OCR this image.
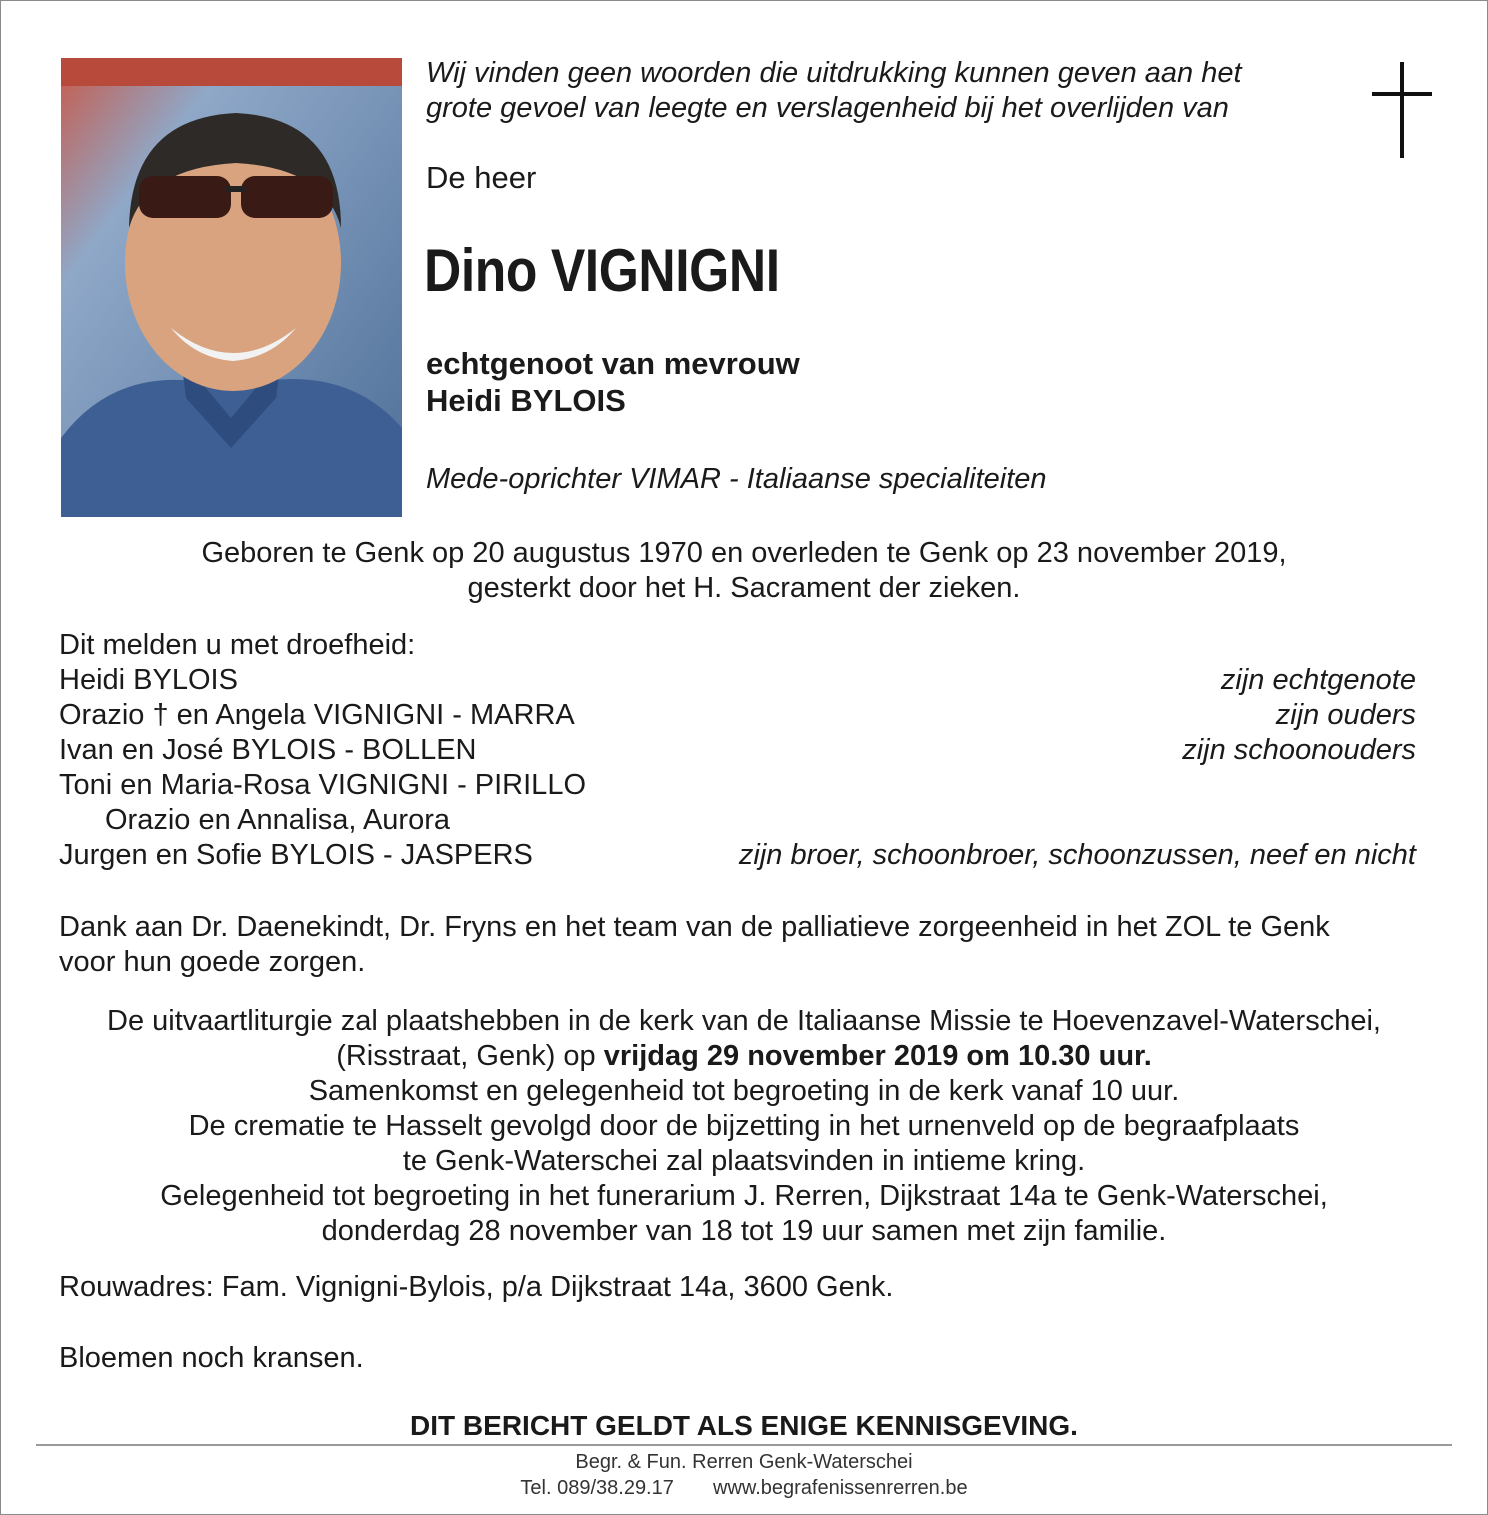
Wij vinden geen woorden die uitdrukking kunnen geven aan het
grote gevoel van leegte en verslagenheid bij het overlijden van
De heer
Dino VIGNIGNI
echtgenoot van mevrouw
Heidi BYLOIS
Mede-oprichter VIMAR - Italiaanse specialiteiten
Geboren te Genk op 20 augustus 1970 en overleden te Genk op 23 november 2019,
gesterkt door het H. Sacrament der zieken.
Dit melden u met droefheid:
Heidi BYLOIS	zijn echtgenote
Orazio † en Angela VIGNIGNI - MARRA	zijn ouders
Ivan en José BYLOIS - BOLLEN	zijn schoonouders
Toni en Maria-Rosa VIGNIGNI - PIRILLO
Orazio en Annalisa, Aurora
Jurgen en Sofie BYLOIS - JASPERS	zijn broer, schoonbroer, schoonzussen, neef en nicht
Dank aan Dr. Daenekindt, Dr. Fryns en het team van de palliatieve zorgeenheid in het ZOL te Genk
voor hun goede zorgen.
De uitvaartliturgie zal plaatshebben in de kerk van de Italiaanse Missie te Hoevenzavel-Waterschei,
(Risstraat, Genk) op vrijdag 29 november 2019 om 10.30 uur.
Samenkomst en gelegenheid tot begroeting in de kerk vanaf 10 uur.
De crematie te Hasselt gevolgd door de bijzetting in het urnenveld op de begraafplaats
te Genk-Waterschei zal plaatsvinden in intieme kring.
Gelegenheid tot begroeting in het funerarium J. Rerren, Dijkstraat 14a te Genk-Waterschei,
donderdag 28 november van 18 tot 19 uur samen met zijn familie.
Rouwadres: Fam. Vignigni-Bylois, p/a Dijkstraat 14a, 3600 Genk.
Bloemen noch kransen.
DIT BERICHT GELDT ALS ENIGE KENNISGEVING.
Begr. & Fun. Rerren Genk-Waterschei
Tel. 089/38.29.17 www.begrafenissenrerren.be
